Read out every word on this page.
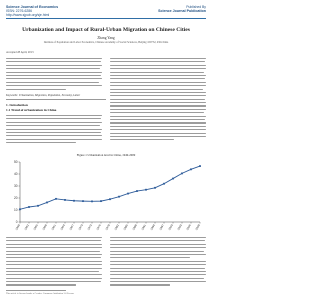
Science Journal of Economics
ISSN: 2276-6286
http://www.sjpub.org/sje.html
Published By
Science Journal Publication
Urbanization and Impact of Rural-Urban Migration on Chinese Cities
Zhang Yang
Institute of Population and Labor Economics, Chinese Academy of Social Sciences, Beijing 100732, P.R.China
Accepted 28 April, 2013
Keywords: Urbanization, Migration, Population, Economy, Labor
1. Introduction
1.1 Trend of urbanization in China
Figure 1 Urbanization level in China, 1949-2009
0
10
20
30
40
50
1949 1952 1955 1958 1961 1964 1967 1970 1973 1976 1979 1982 1985 1988 1991 1994 1997 2000 2003 2006 2009
This article is licensed under a Creative Commons Attribution 3.0 License
